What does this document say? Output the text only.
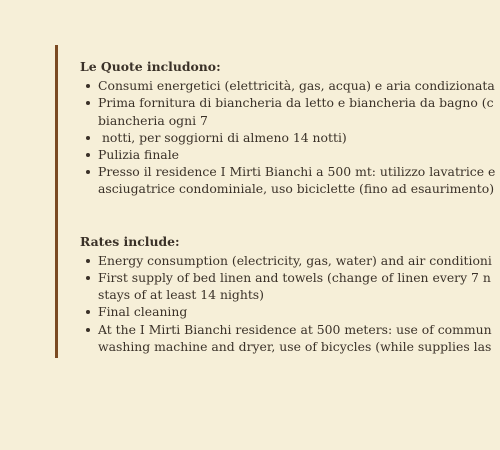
Le Quote includono:
Consumi energetici (elettricità, gas, acqua) e aria condizionata
Prima fornitura di biancheria da letto e biancheria da bagno (c
biancheria ogni 7
notti, per soggiorni di almeno 14 notti)
Pulizia finale
Presso il residence I Mirti Bianchi a 500 mt: utilizzo lavatrice e
asciugatrice condominiale, uso biciclette (fino ad esaurimento)
Rates include:
Energy consumption (electricity, gas, water) and air conditioni
First supply of bed linen and towels (change of linen every 7 n
stays of at least 14 nights)
Final cleaning
At the I Mirti Bianchi residence at 500 meters: use of commun
washing machine and dryer, use of bicycles (while supplies las
